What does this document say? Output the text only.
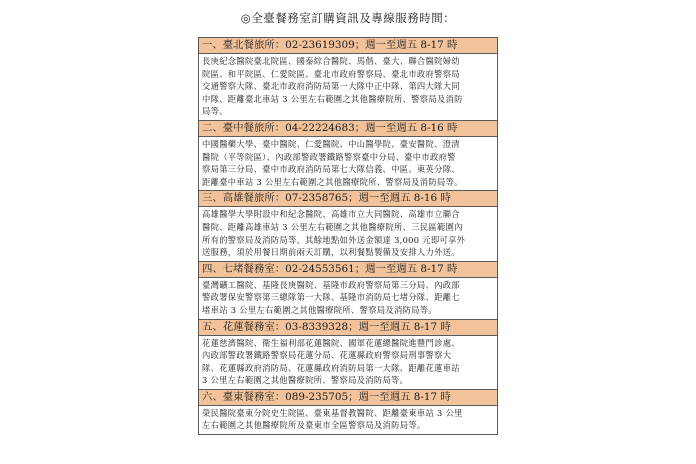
◎全臺餐務室訂購資訊及專線服務時間：
一、臺北餐旅所：02-23619309；週一至週五 8-17 時
長庚紀念醫院臺北院區、國泰綜合醫院、馬偕、臺大、聯合醫院婦幼
院區、和平院區、仁愛院區、臺北市政府警察局、臺北市政府警察局
交通警察大隊、臺北市政府消防局第一大隊中正中隊、第四大隊大同
中隊、距離臺北車站 3 公里左右範圍之其他醫療院所、警察局及消防
局等。
二、臺中餐旅所：04-22224683；週一至週五 8-16 時
中國醫藥大學、臺中醫院、仁愛醫院、中山醫學院、臺安醫院、澄清
醫院（平等院區）、內政部警政署鐵路警察臺中分局、臺中市政府警
察局第三分局、臺中市政府消防局第七大隊信義、中區、東英分隊、
距離臺中車站 3 公里左右範圍之其他醫療院所、警察局及消防局等。
三、高雄餐旅所：07-2358765；週一至週五 8-16 時
高雄醫學大學附設中和紀念醫院、高雄市立大同醫院、高雄市立聯合
醫院、距離高雄車站 3 公里左右範圍之其他醫療院所、三民區範圍內
所有的警察局及消防局等。其餘地點如外送金額達 3,000 元即可享外
送服務，須於用餐日期前兩天訂購，以利餐點製備及安排人力外送。
四、七堵餐務室：02-24553561；週一至週五 8-17 時
臺灣礦工醫院、基隆長庚醫院、基隆市政府警察局第三分局、內政部
警政署保安警察第三總隊第一大隊、基隆市消防局七堵分隊、距離七
堵車站 3 公里左右範圍之其他醫療院所、警察局及消防局等。
五、花蓮餐務室：03-8339328；週一至週五 8-17 時
花蓮慈濟醫院、衛生福利部花蓮醫院、國軍花蓮總醫院進豐門診處、
內政部警政署鐵路警察局花蓮分局、花蓮縣政府警察局刑事警察大
隊、花蓮縣政府消防局、花蓮縣政府消防局第一大隊、距離花蓮車站
3 公里左右範圍之其他醫療院所、警察局及消防局等。
六、臺東餐務室：089-235705；週一至週五 8-17 時
榮民醫院臺東分院史生院區、臺東基督教醫院、距離臺東車站 3 公里
左右範圍之其他醫療院所及臺東市全區警察局及消防局等。
